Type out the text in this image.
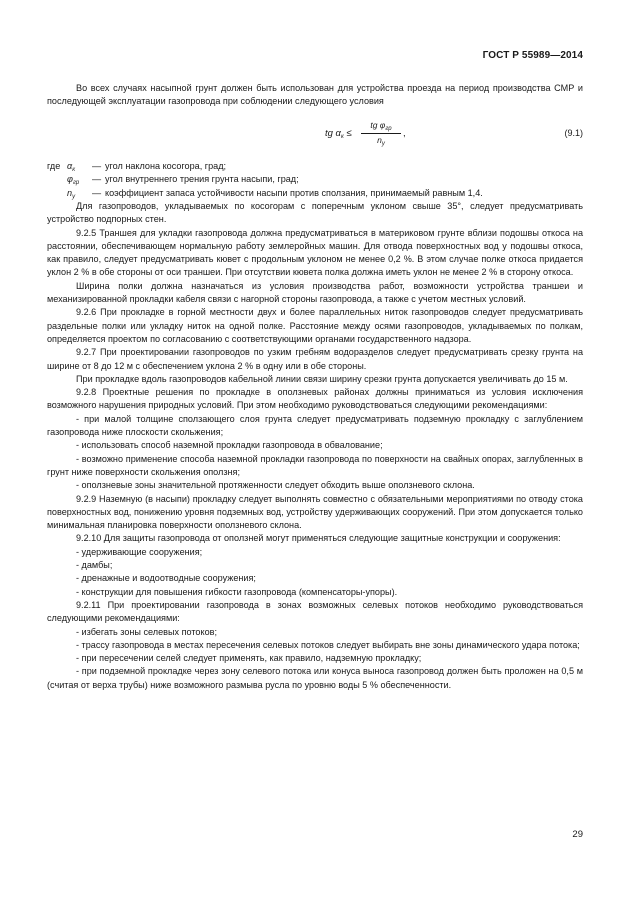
ГОСТ Р 55989—2014

Во всех случаях насыпной грунт должен быть использован для устройства проезда на период производства СМР и последующей эксплуатации газопровода при соблюдении следующего условия

tg $\alpha_к$ ≤
tg $\varphi_{гр}$
$n_у$
,	(9.1)
где $\alpha_к$ — угол наклона косогора, град;
$\varphi_{гр}$ — угол внутреннего трения грунта насыпи, град;
$n_у$ — коэффициент запаса устойчивости насыпи против сползания, принимаемый равным 1,4.

Для газопроводов, укладываемых по косогорам с поперечным уклоном свыше 35°, следует предусматривать устройство подпорных стен.

9.2.5 Траншея для укладки газопровода должна предусматриваться в материковом грунте вблизи подошвы откоса на расстоянии, обеспечивающем нормальную работу землеройных машин. Для отвода поверхностных вод у подошвы откоса, как правило, следует предусматривать кювет с продольным уклоном не менее 0,2 %. В этом случае полке откоса придается уклон 2 % в обе стороны от оси траншеи. При отсутствии кювета полка должна иметь уклон не менее 2 % в сторону откоса.

Ширина полки должна назначаться из условия производства работ, возможности устройства траншеи и механизированной прокладки кабеля связи с нагорной стороны газопровода, а также с учетом местных условий.

9.2.6 При прокладке в горной местности двух и более параллельных ниток газопроводов следует предусматривать раздельные полки или укладку ниток на одной полке. Расстояние между осями газопроводов, укладываемых по полкам, определяется проектом по согласованию с соответствующими органами государственного надзора.

9.2.7 При проектировании газопроводов по узким гребням водоразделов следует предусматривать срезку грунта на ширине от 8 до 12 м с обеспечением уклона 2 % в одну или в обе стороны.

При прокладке вдоль газопроводов кабельной линии связи ширину срезки грунта допускается увеличивать до 15 м.

9.2.8 Проектные решения по прокладке в оползневых районах должны приниматься из условия исключения возможного нарушения природных условий. При этом необходимо руководствоваться следующими рекомендациями:

- при малой толщине сползающего слоя грунта следует предусматривать подземную прокладку с заглублением газопровода ниже плоскости скольжения;

- использовать способ наземной прокладки газопровода в обвалование;

- возможно применение способа наземной прокладки газопровода по поверхности на свайных опорах, заглубленных в грунт ниже поверхности скольжения оползня;

- оползневые зоны значительной протяженности следует обходить выше оползневого склона.

9.2.9 Наземную (в насыпи) прокладку следует выполнять совместно с обязательными мероприятиями по отводу стока поверхностных вод, понижению уровня подземных вод, устройству удерживающих сооружений. При этом допускается только минимальная планировка поверхности оползневого склона.

9.2.10 Для защиты газопровода от оползней могут применяться следующие защитные конструкции и сооружения:

- удерживающие сооружения;

- дамбы;

- дренажные и водоотводные сооружения;

- конструкции для повышения гибкости газопровода (компенсаторы-упоры).

9.2.11 При проектировании газопровода в зонах возможных селевых потоков необходимо руководствоваться следующими рекомендациями:

- избегать зоны селевых потоков;

- трассу газопровода в местах пересечения селевых потоков следует выбирать вне зоны динамического удара потока;

- при пересечении селей следует применять, как правило, надземную прокладку;

- при подземной прокладке через зону селевого потока или конуса выноса газопровод должен быть проложен на 0,5 м (считая от верха трубы) ниже возможного размыва русла по уровню воды 5 % обеспеченности.

29
